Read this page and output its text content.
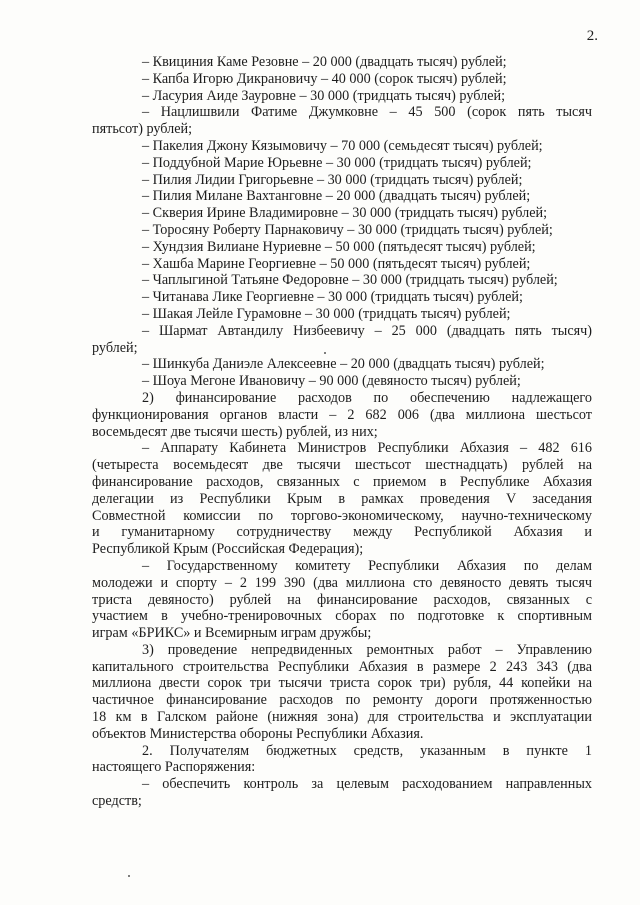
2.

– Квициния Каме Резовне – 20 000 (двадцать тысяч) рублей;

– Капба Игорю Дикрановичу – 40 000 (сорок тысяч) рублей;

– Ласурия Аиде Зауровне – 30 000 (тридцать тысяч) рублей;

– Нацлишвили Фатиме Джумковне – 45 500 (сорок пять тысяч

пятьсот) рублей;

– Пакелия Джону Кязымовичу – 70 000 (семьдесят тысяч) рублей;

– Поддубной Марие Юрьевне – 30 000 (тридцать тысяч) рублей;

– Пилия Лидии Григорьевне – 30 000 (тридцать тысяч) рублей;

– Пилия Милане Вахтанговне – 20 000 (двадцать тысяч) рублей;

– Скверия Ирине Владимировне – 30 000 (тридцать тысяч) рублей;

– Торосяну Роберту Парнаковичу – 30 000 (тридцать тысяч) рублей;

– Хундзия Вилиане Нуриевне – 50 000 (пятьдесят тысяч) рублей;

– Хашба Марине Георгиевне – 50 000 (пятьдесят тысяч) рублей;

– Чаплыгиной Татьяне Федоровне – 30 000 (тридцать тысяч) рублей;

– Читанава Лике Георгиевне – 30 000 (тридцать тысяч) рублей;

– Шакая Лейле Гурамовне – 30 000 (тридцать тысяч) рублей;

– Шармат Автандилу Низбеевичу – 25 000 (двадцать пять тысяч)

рублей;

– Шинкуба Даниэле Алексеевне – 20 000 (двадцать тысяч) рублей;

– Шоуа Мегоне Ивановичу – 90 000 (девяносто тысяч) рублей;

2) финансирование расходов по обеспечению надлежащего

функционирования органов власти – 2 682 006 (два миллиона шестьсот

восемьдесят две тысячи шесть) рублей, из них;

– Аппарату Кабинета Министров Республики Абхазия – 482 616

(четыреста восемьдесят две тысячи шестьсот шестнадцать) рублей на

финансирование расходов, связанных с приемом в Республике Абхазия

делегации из Республики Крым в рамках проведения V заседания

Совместной комиссии по торгово-экономическому, научно-техническому

и гуманитарному сотрудничеству между Республикой Абхазия и

Республикой Крым (Российская Федерация);

– Государственному комитету Республики Абхазия по делам

молодежи и спорту – 2 199 390 (два миллиона сто девяносто девять тысяч

триста девяносто) рублей на финансирование расходов, связанных с

участием в учебно-тренировочных сборах по подготовке к спортивным

играм «БРИКС» и Всемирным играм дружбы;

3) проведение непредвиденных ремонтных работ – Управлению

капитального строительства Республики Абхазия в размере 2 243 343 (два

миллиона двести сорок три тысячи триста сорок три) рубля, 44 копейки на

частичное финансирование расходов по ремонту дороги протяженностью

18 км в Галском районе (нижняя зона) для строительства и эксплуатации

объектов Министерства обороны Республики Абхазия.

2. Получателям бюджетных средств, указанным в пункте 1

настоящего Распоряжения:

– обеспечить контроль за целевым расходованием направленных

средств;
